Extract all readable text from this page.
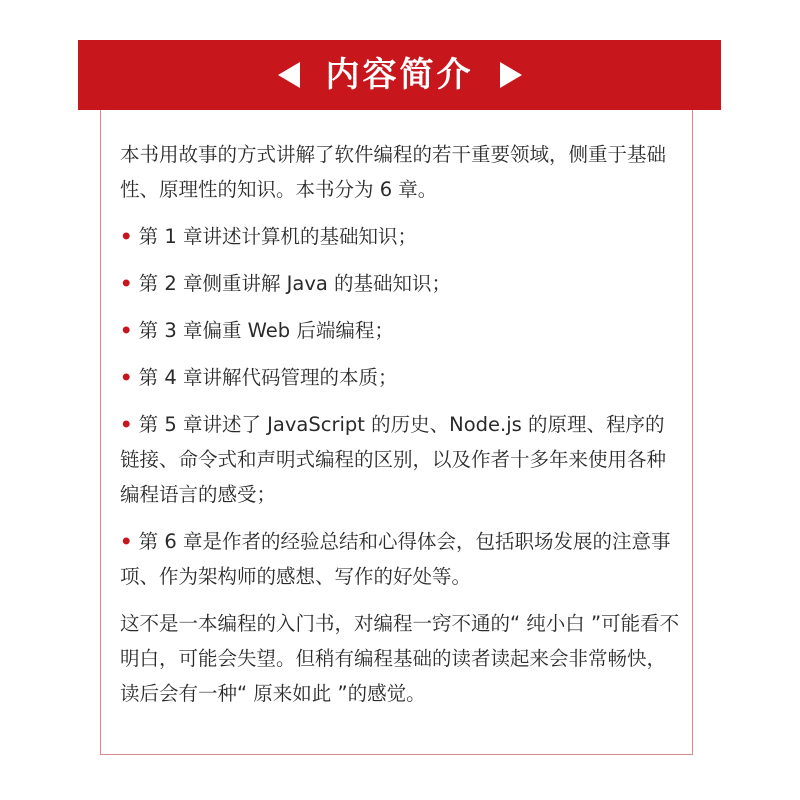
内容简介

本书用故事的方式讲解了软件编程的若干重要领域，侧重于基础性、原理性的知识。本书分为 6 章。

• 第 1 章讲述计算机的基础知识；
• 第 2 章侧重讲解 Java 的基础知识；
• 第 3 章偏重 Web 后端编程；
• 第 4 章讲解代码管理的本质；
• 第 5 章讲述了 JavaScript 的历史、Node.js 的原理、程序的链接、命令式和声明式编程的区别，以及作者十多年来使用各种编程语言的感受；
• 第 6 章是作者的经验总结和心得体会，包括职场发展的注意事项、作为架构师的感想、写作的好处等。

这不是一本编程的入门书，对编程一窍不通的“ 纯小白 ”可能看不明白，可能会失望。但稍有编程基础的读者读起来会非常畅快，读后会有一种“ 原来如此 ”的感觉。
